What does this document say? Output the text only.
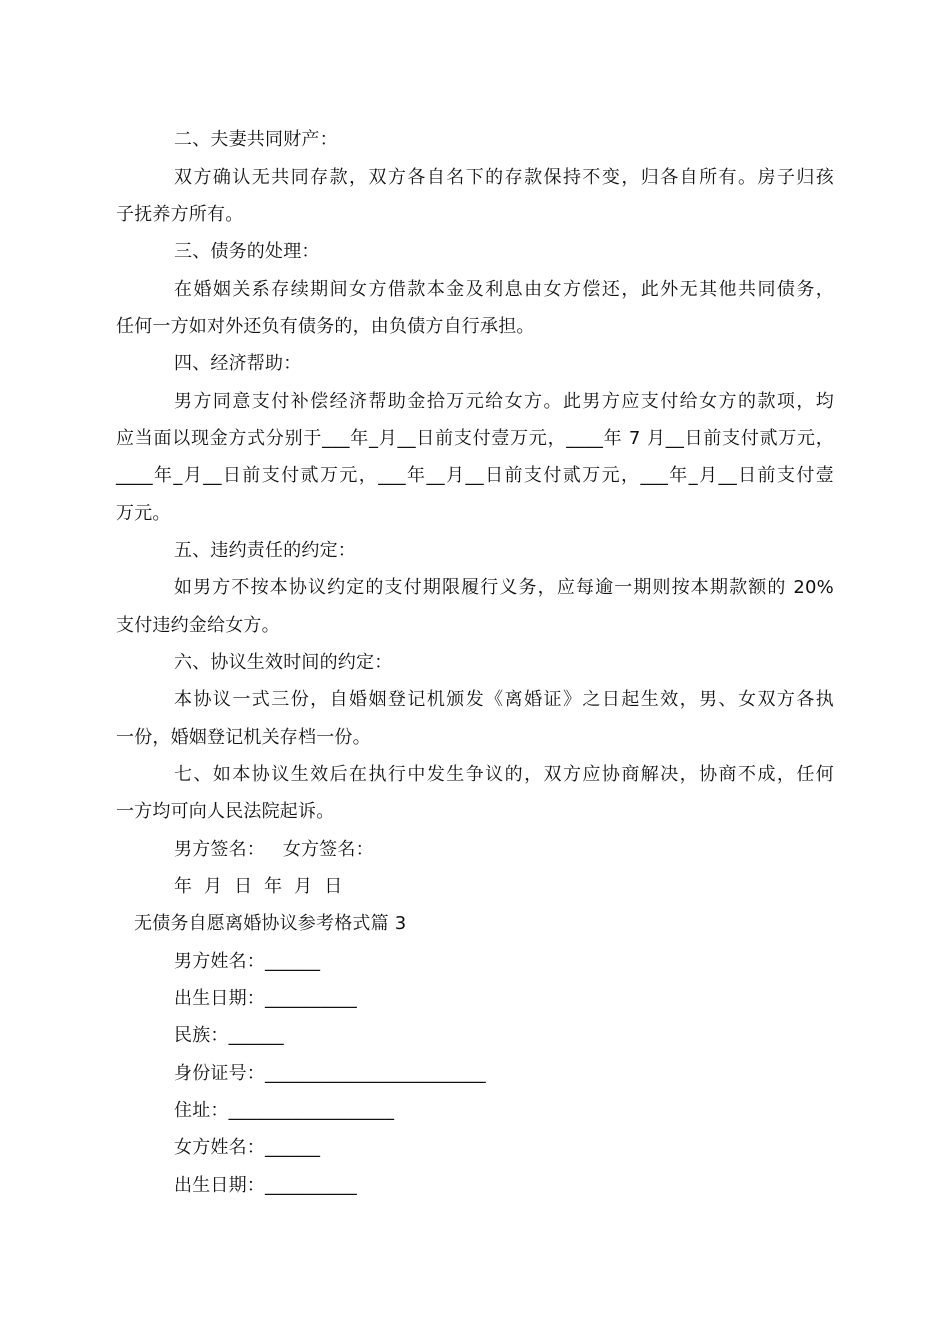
二、夫妻共同财产：
双方确认无共同存款，双方各自名下的存款保持不变，归各自所有。房子归孩
子抚养方所有。
三、债务的处理：
在婚姻关系存续期间女方借款本金及利息由女方偿还，此外无其他共同债务，
任何一方如对外还负有债务的，由负债方自行承担。
四、经济帮助：
男方同意支付补偿经济帮助金拾万元给女方。此男方应支付给女方的款项，均
应当面以现金方式分别于___年_月__日前支付壹万元，____年 7 月__日前支付贰万元，
____年_月__日前支付贰万元，___年__月__日前支付贰万元，___年_月__日前支付壹
万元。
五、违约责任的约定：
如男方不按本协议约定的支付期限履行义务，应每逾一期则按本期款额的 20%
支付违约金给女方。
六、协议生效时间的约定：
本协议一式三份，自婚姻登记机颁发《离婚证》之日起生效，男、女双方各执
一份，婚姻登记机关存档一份。
七、如本协议生效后在执行中发生争议的，双方应协商解决，协商不成，任何
一方均可向人民法院起诉。
男方签名：   女方签名：
年  月  日  年  月  日
无债务自愿离婚协议参考格式篇 3
男方姓名：______
出生日期：__________
民族：______
身份证号：________________________
住址：__________________
女方姓名：______
出生日期：__________
